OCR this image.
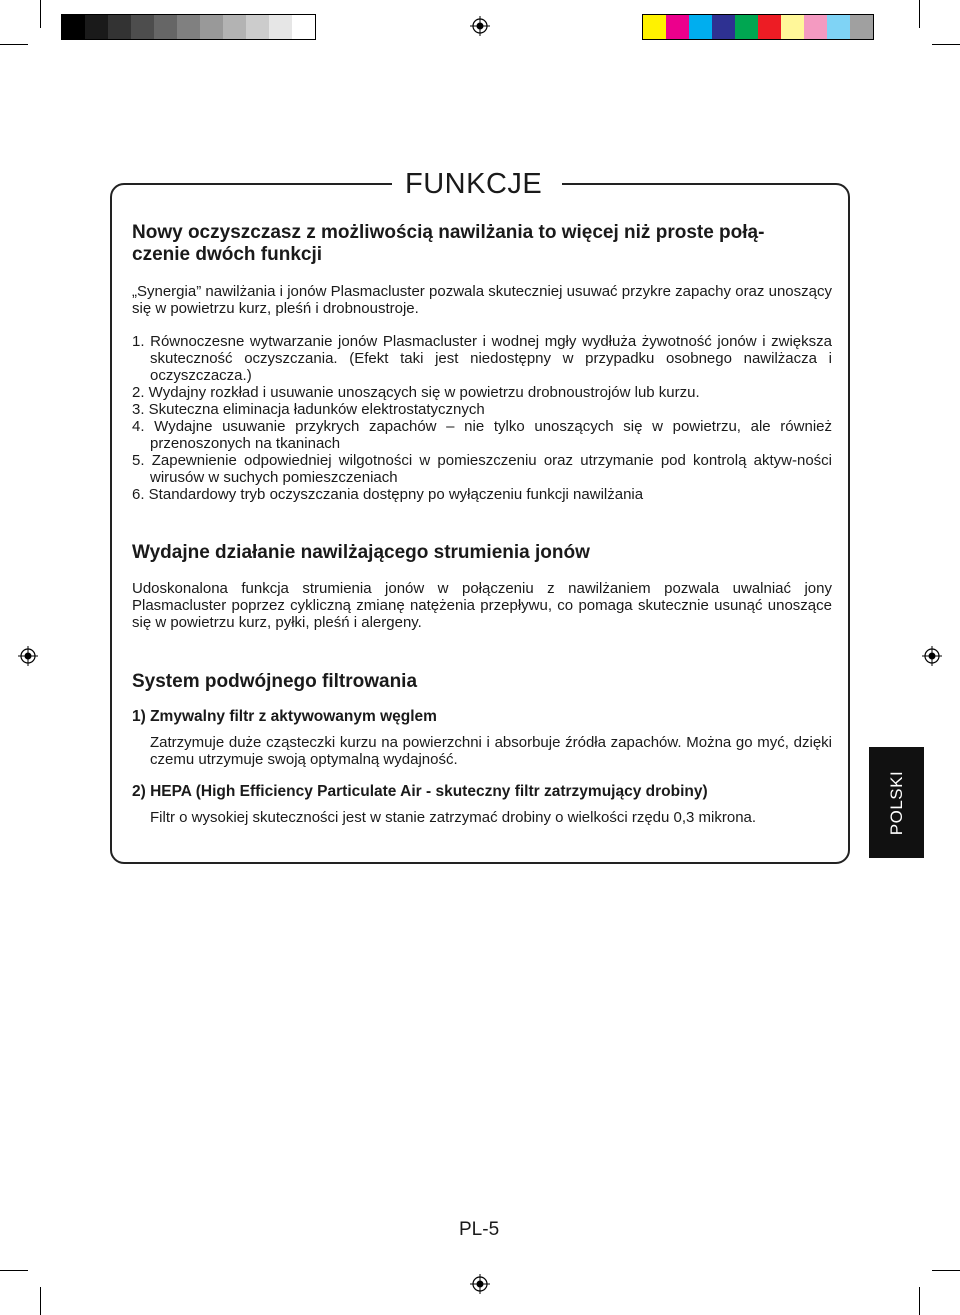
FUNKCJE
Nowy oczyszczasz z możliwością nawilżania to więcej niż proste połą-czenie dwóch funkcji

„Synergia” nawilżania i jonów Plasmacluster pozwala skuteczniej usuwać przykre zapachy oraz unoszący się w powietrzu kurz, pleśń i drobnoustroje.

1. Równoczesne wytwarzanie jonów Plasmacluster i wodnej mgły wydłuża żywotność jonów i zwiększa skuteczność oczyszczania. (Efekt taki jest niedostępny w przypadku osobnego nawilżacza i oczyszczacza.)
2. Wydajny rozkład i usuwanie unoszących się w powietrzu drobnoustrojów lub kurzu.
3. Skuteczna eliminacja ładunków elektrostatycznych
4. Wydajne usuwanie przykrych zapachów – nie tylko unoszących się w powietrzu, ale również przenoszonych na tkaninach
5. Zapewnienie odpowiedniej wilgotności w pomieszczeniu oraz utrzymanie pod kontrolą aktyw-ności wirusów w suchych pomieszczeniach
6. Standardowy tryb oczyszczania dostępny po wyłączeniu funkcji nawilżania
Wydajne działanie nawilżającego strumienia jonów

Udoskonalona funkcja strumienia jonów w połączeniu z nawilżaniem pozwala uwalniać jony Plasmacluster poprzez cykliczną zmianę natężenia przepływu, co pomaga skutecznie usunąć unoszące się w powietrzu kurz, pyłki, pleśń i alergeny.

System podwójnego filtrowania

1) Zmywalny filtr z aktywowanym węglem

Zatrzymuje duże cząsteczki kurzu na powierzchni i absorbuje źródła zapachów. Można go myć, dzięki czemu utrzymuje swoją optymalną wydajność.

2) HEPA (High Efficiency Particulate Air - skuteczny filtr zatrzymujący drobiny)

Filtr o wysokiej skuteczności jest w stanie zatrzymać drobiny o wielkości rzędu 0,3 mikrona.	POLSKI
PL-5
